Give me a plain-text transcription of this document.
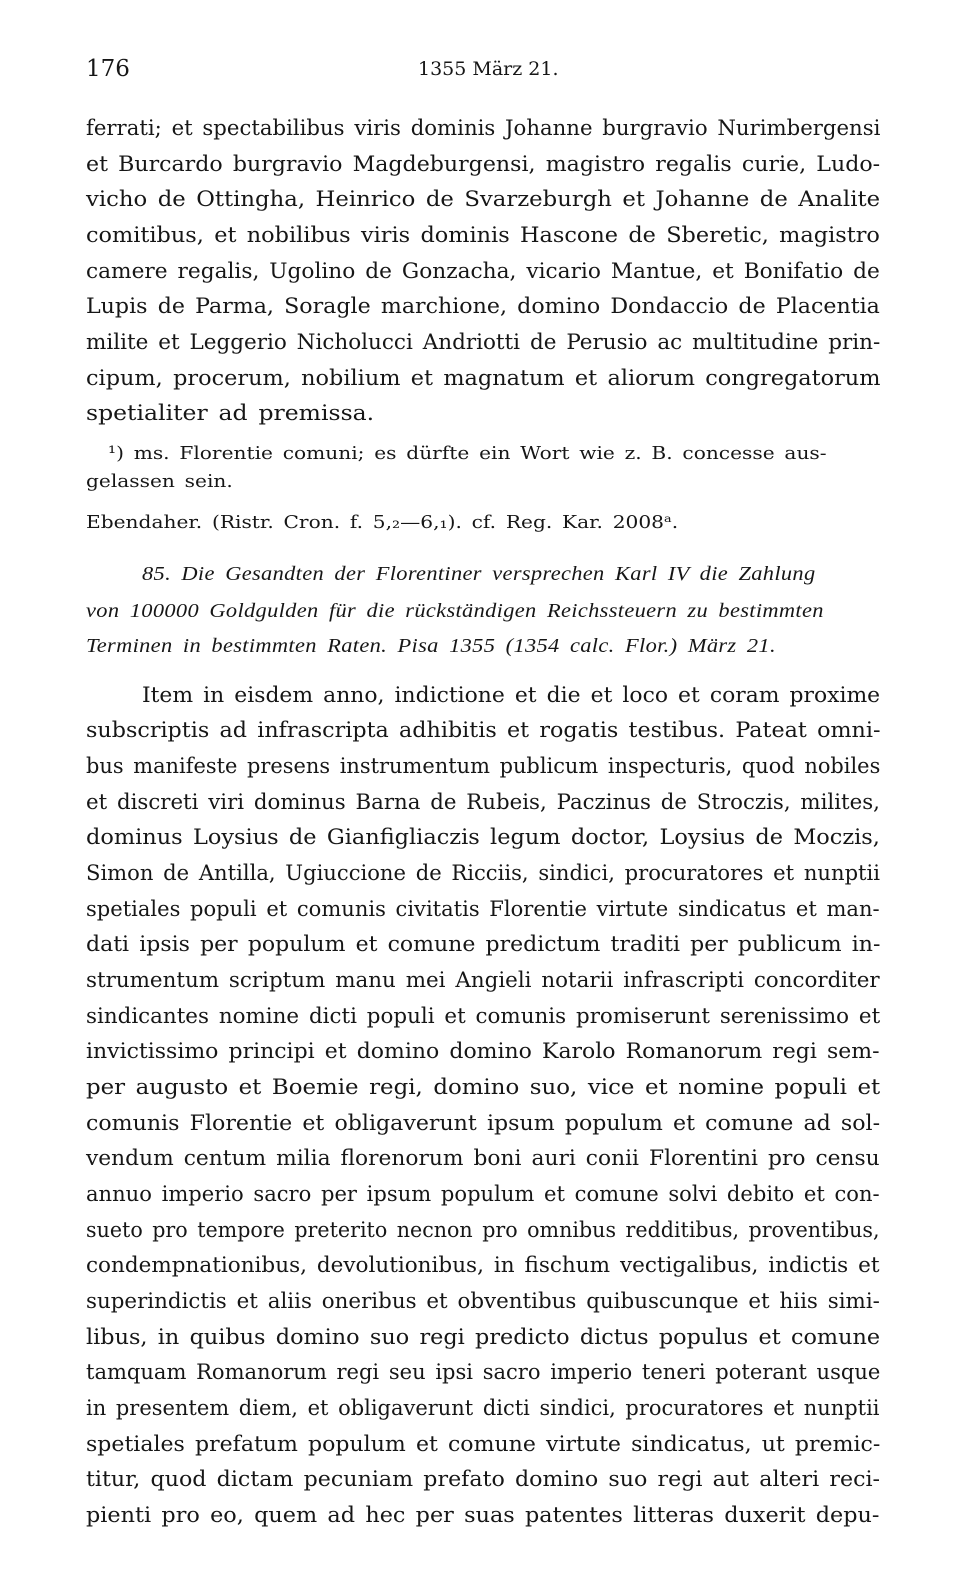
176	1355 März 21.
ferrati; et spectabilibus viris dominis Johanne burgravio Nurimbergensi
et Burcardo burgravio Magdeburgensi, magistro regalis curie, Ludo-
vicho de Ottingha, Heinrico de Svarzeburgh et Johanne de Analite
comitibus, et nobilibus viris dominis Hascone de Sberetic, magistro
camere regalis, Ugolino de Gonzacha, vicario Mantue, et Bonifatio de
Lupis de Parma, Soragle marchione, domino Dondaccio de Placentia
milite et Leggerio Nicholucci Andriotti de Perusio ac multitudine prin-
cipum, procerum, nobilium et magnatum et aliorum congregatorum
spetialiter ad premissa.
¹) ms. Florentie comuni; es dürfte ein Wort wie z. B. concesse aus-
gelassen sein.
Ebendaher. (Ristr. Cron. f. 5,₂—6,₁). cf. Reg. Kar. 2008ᵃ.
85. Die Gesandten der Florentiner versprechen Karl IV die Zahlung
von 100000 Goldgulden für die rückständigen Reichssteuern zu bestimmten
Terminen in bestimmten Raten. Pisa 1355 (1354 calc. Flor.) März 21.
Item in eisdem anno, indictione et die et loco et coram proxime
subscriptis ad infrascripta adhibitis et rogatis testibus. Pateat omni-
bus manifeste presens instrumentum publicum inspecturis, quod nobiles
et discreti viri dominus Barna de Rubeis, Paczinus de Stroczis, milites,
dominus Loysius de Gianfigliaczis legum doctor, Loysius de Moczis,
Simon de Antilla, Ugiuccione de Ricciis, sindici, procuratores et nunptii
spetiales populi et comunis civitatis Florentie virtute sindicatus et man-
dati ipsis per populum et comune predictum traditi per publicum in-
strumentum scriptum manu mei Angieli notarii infrascripti concorditer
sindicantes nomine dicti populi et comunis promiserunt serenissimo et
invictissimo principi et domino domino Karolo Romanorum regi sem-
per augusto et Boemie regi, domino suo, vice et nomine populi et
comunis Florentie et obligaverunt ipsum populum et comune ad sol-
vendum centum milia florenorum boni auri conii Florentini pro censu
annuo imperio sacro per ipsum populum et comune solvi debito et con-
sueto pro tempore preterito necnon pro omnibus redditibus, proventibus,
condempnationibus, devolutionibus, in fischum vectigalibus, indictis et
superindictis et aliis oneribus et obventibus quibuscunque et hiis simi-
libus, in quibus domino suo regi predicto dictus populus et comune
tamquam Romanorum regi seu ipsi sacro imperio teneri poterant usque
in presentem diem, et obligaverunt dicti sindici, procuratores et nunptii
spetiales prefatum populum et comune virtute sindicatus, ut premic-
titur, quod dictam pecuniam prefato domino suo regi aut alteri reci-
pienti pro eo, quem ad hec per suas patentes litteras duxerit depu-
